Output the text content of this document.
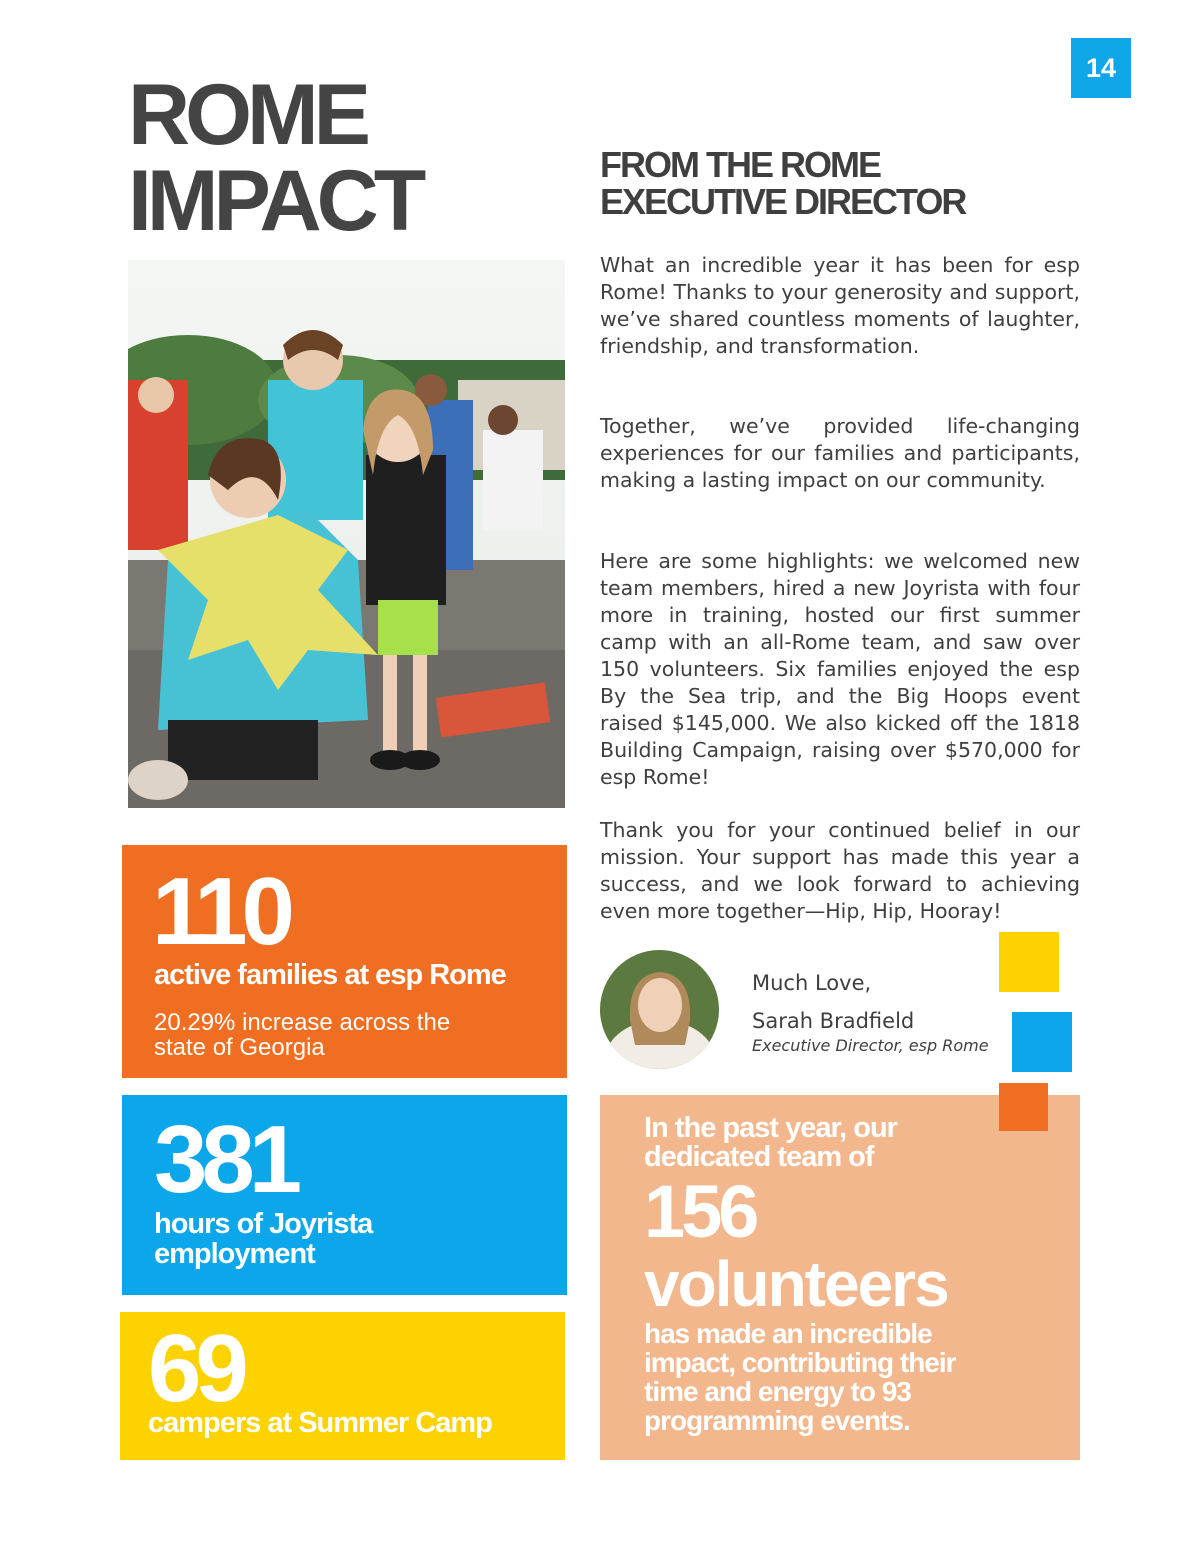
14
ROME
IMPACT
110
active families at esp Rome
20.29% increase across the
state of Georgia
381
hours of Joyrista
employment
69
campers at Summer Camp
FROM THE ROME
EXECUTIVE DIRECTOR

What an incredible year it has been for esp Rome! Thanks to your generosity and support, we’ve shared countless moments of laughter, friendship, and transformation.

Together, we’ve provided life-changing experiences for our families and participants, making a lasting impact on our community.

Here are some highlights: we welcomed new team members, hired a new Joyrista with four more in training, hosted our first summer camp with an all-Rome team, and saw over 150 volunteers. Six families enjoyed the esp By the Sea trip, and the Big Hoops event raised $145,000. We also kicked off the 1818 Building Campaign, raising over $570,000 for esp Rome!

Thank you for your continued belief in our mission. Your support has made this year a success, and we look forward to achieving even more together—Hip, Hip, Hooray!

Much Love,
Sarah Bradfield
Executive Director, esp Rome
In the past year, our
dedicated team of
156
volunteers
has made an incredible
impact, contributing their
time and energy to 93
programming events.
